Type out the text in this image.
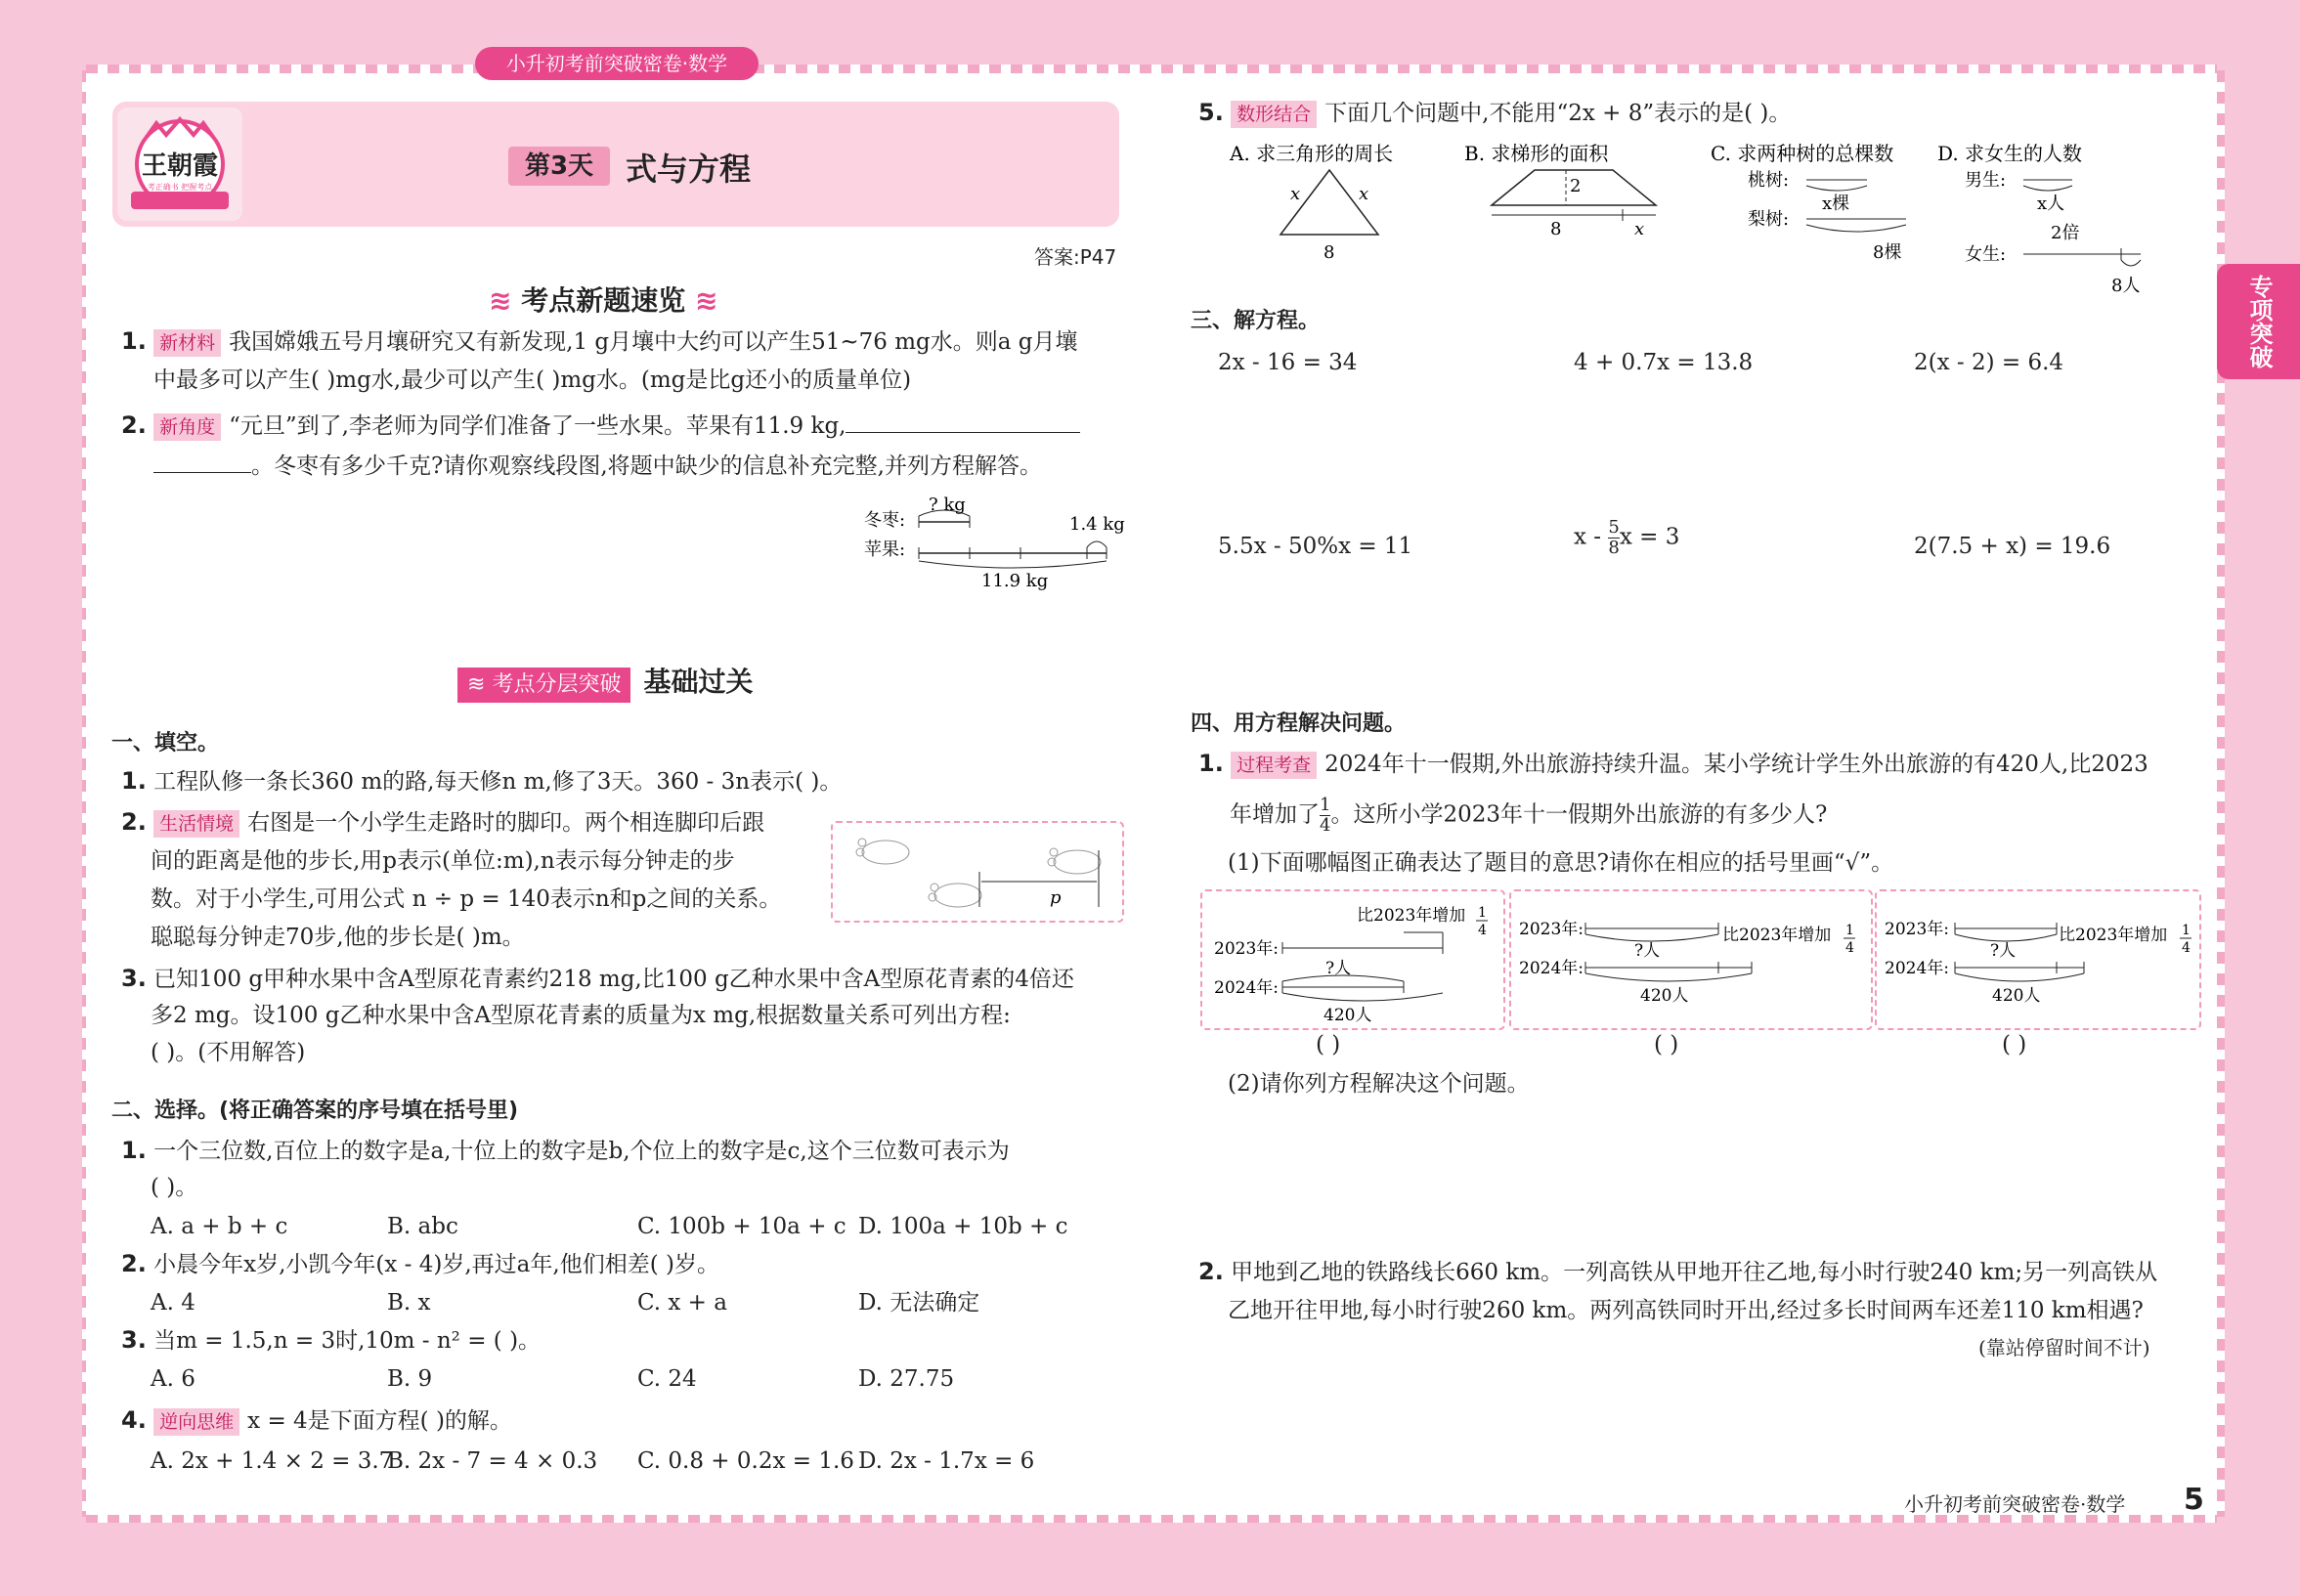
小升初考前突破密卷·数学
专项突破
王朝霞
考正确书 把握考点
第3天	式与方程
答案:P47
≋ 考点新题速览 ≋
1. 新材料 我国嫦娥五号月壤研究又有新发现,1 g月壤中大约可以产生51~76 mg水。则a g月壤
中最多可以产生( )mg水,最少可以产生( )mg水。(mg是比g还小的质量单位)
2. 新角度 “元旦”到了,李老师为同学们准备了一些水果。苹果有11.9 kg,
。冬枣有多少千克?请你观察线段图,将题中缺少的信息补充完整,并列方程解答。
冬枣:
苹果:
? kg
1.4 kg
11.9 kg
≋ 考点分层突破 基础过关
一、填空。
1. 工程队修一条长360 m的路,每天修n m,修了3天。360 - 3n表示( )。
2. 生活情境 右图是一个小学生走路时的脚印。两个相连脚印后跟
间的距离是他的步长,用p表示(单位:m),n表示每分钟走的步
数。对于小学生,可用公式 n ÷ p = 140表示n和p之间的关系。
聪聪每分钟走70步,他的步长是( )m。
p
3. 已知100 g甲种水果中含A型原花青素约218 mg,比100 g乙种水果中含A型原花青素的4倍还
多2 mg。设100 g乙种水果中含A型原花青素的质量为x mg,根据数量关系可列出方程:
( )。(不用解答)
二、选择。(将正确答案的序号填在括号里)
1. 一个三位数,百位上的数字是a,十位上的数字是b,个位上的数字是c,这个三位数可表示为
( )。
A. a + b + c	B. abc	C. 100b + 10a + c D. 100a + 10b + c
2. 小晨今年x岁,小凯今年(x - 4)岁,再过a年,他们相差( )岁。
A. 4	B. x	C. x + a	D. 无法确定
3. 当m = 1.5,n = 3时,10m - n² = ( )。
A. 6	B. 9	C. 24	D. 27.75
4. 逆向思维 x = 4是下面方程( )的解。
A. 2x + 1.4 × 2 = 3.7
B. 2x - 7 = 4 × 0.3 C. 0.8 + 0.2x = 1.6 D. 2x - 1.7x = 6
5. 数形结合 下面几个问题中,不能用“2x + 8”表示的是( )。
A. 求三角形的周长
x	x
8
B. 求梯形的面积
2
8	x
C. 求两种树的总棵数
桃树:
梨树:
x棵
8棵
D. 求女生的人数
男生:
女生:
x人
2倍
8人
三、解方程。
2x - 16 = 34	4 + 0.7x = 13.8	2(x - 2) = 6.4
5.5x - 50%x = 11	x - $\frac{5}{8}$ x = 3	2(7.5 + x) = 19.6
四、用方程解决问题。
1. 过程考查 2024年十一假期,外出旅游持续升温。某小学统计学生外出旅游的有420人,比2023
年增加了 $\frac{1}{4}$ 。这所小学2023年十一假期外出旅游的有多少人?
(1)下面哪幅图正确表达了题目的意思?请你在相应的括号里画“√”。
2023年:
2024年:
比2023年增加 1
4
?人
420人
2023年:
2024年:
比2023年增加 1
4
?人
420人
2023年:
2024年:
比2023年增加 1
4
?人
420人
( )	( )	( )
(2)请你列方程解决这个问题。
2. 甲地到乙地的铁路线长660 km。一列高铁从甲地开往乙地,每小时行驶240 km;另一列高铁从
乙地开往甲地,每小时行驶260 km。两列高铁同时开出,经过多长时间两车还差110 km相遇?
(靠站停留时间不计)
小升初考前突破密卷·数学 5
